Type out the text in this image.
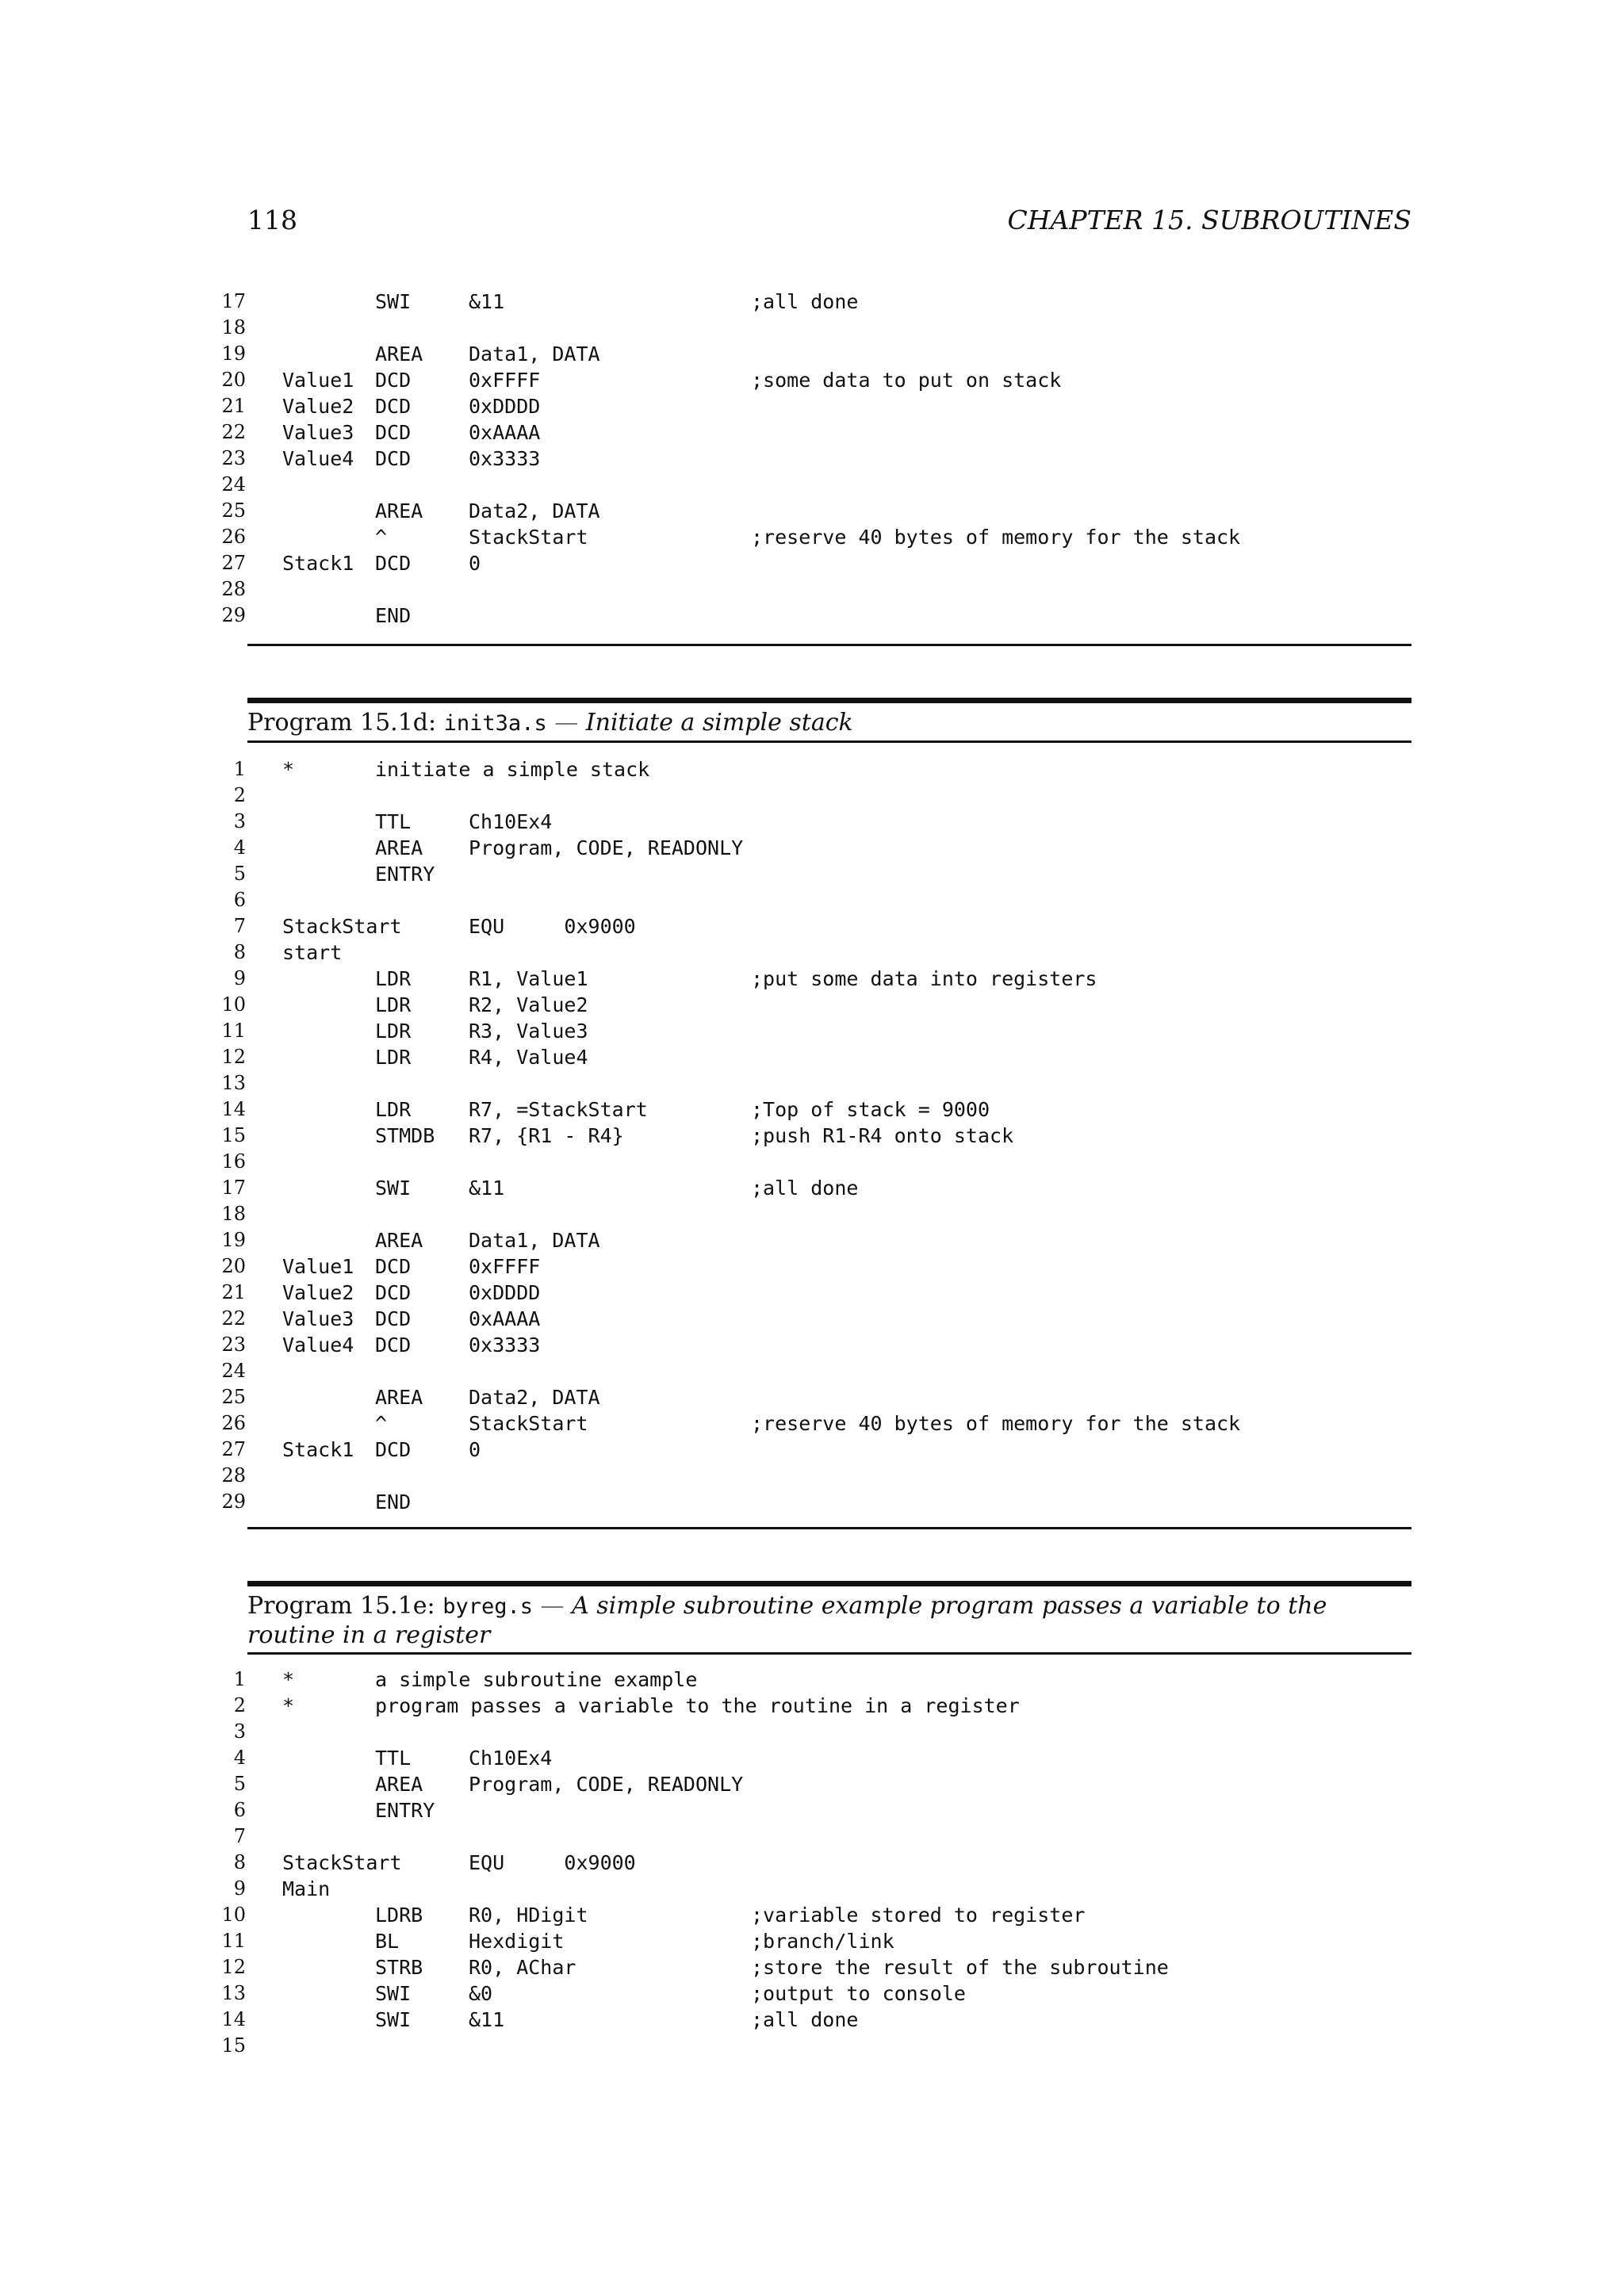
118	CHAPTER 15. SUBROUTINES
17	SWI	&11	;all done
18
19	AREA Data1, DATA
20 Value1 DCD	0xFFFF	;some data to put on stack
21 Value2 DCD	0xDDDD
22 Value3 DCD	0xAAAA
23 Value4 DCD	0x3333
24
25	AREA Data2, DATA
26	^	StackStart	;reserve 40 bytes of memory for the stack
27 Stack1 DCD	0
28
29	END
Program 15.1d: init3a.s — Initiate a simple stack
1 *	initiate a simple stack
2
3	TTL	Ch10Ex4
4	AREA Program, CODE, READONLY
5	ENTRY
6
7 StackStart	EQU     0x9000
8 start
9	LDR	R1, Value1	;put some data into registers
10	LDR	R2, Value2
11	LDR	R3, Value3
12	LDR	R4, Value4
13
14	LDR	R7, =StackStart	;Top of stack = 9000
15	STMDB R7, {R1 - R4}	;push R1-R4 onto stack
16
17	SWI	&11	;all done
18
19	AREA Data1, DATA
20 Value1 DCD	0xFFFF
21 Value2 DCD	0xDDDD
22 Value3 DCD	0xAAAA
23 Value4 DCD	0x3333
24
25	AREA Data2, DATA
26	^	StackStart	;reserve 40 bytes of memory for the stack
27 Stack1 DCD	0
28
29	END
Program 15.1e: byreg.s — A simple subroutine example program passes a variable to the routine in a register
1 *	a simple subroutine example
2 *	program passes a variable to the routine in a register
3
4	TTL	Ch10Ex4
5	AREA Program, CODE, READONLY
6	ENTRY
7
8 StackStart	EQU     0x9000
9 Main
10	LDRB R0, HDigit	;variable stored to register
11	BL	Hexdigit	;branch/link
12	STRB R0, AChar	;store the result of the subroutine
13	SWI	&0	;output to console
14	SWI	&11	;all done
15
